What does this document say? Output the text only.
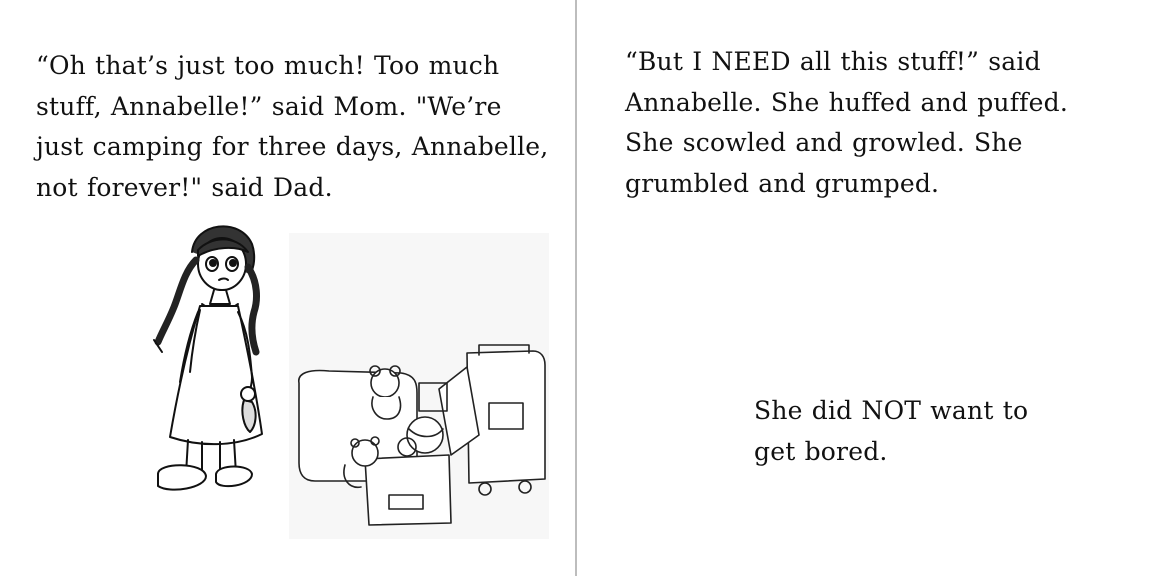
“Oh that’s just too much! Too much
stuff, Annabelle!” said Mom. "We’re
just camping for three days, Annabelle,
not forever!" said Dad.

“But I NEED all this stuff!” said
Annabelle. She huffed and puffed.
She scowled and growled. She
grumbled and grumped.

She did NOT want to
get bored.
